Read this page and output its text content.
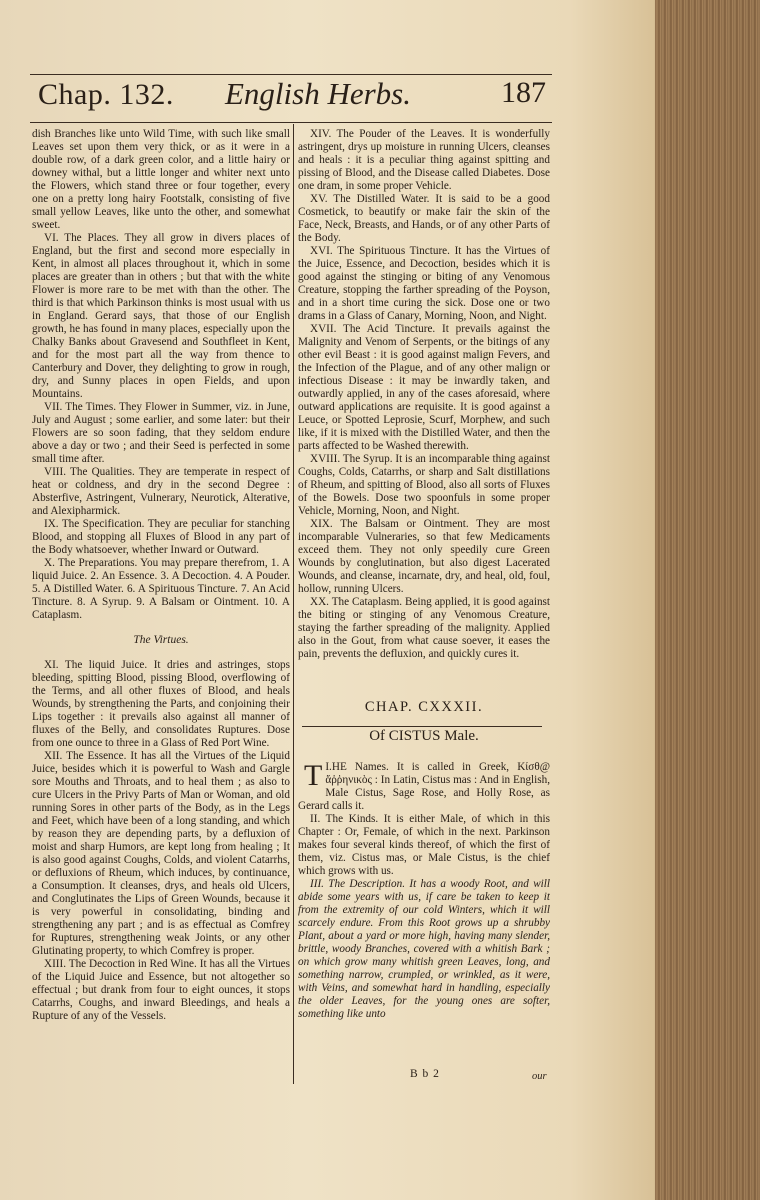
Chap. 132. English Herbs.	187

dish Branches like unto Wild Time, with such like small Leaves set upon them very thick, or as it were in a double row, of a dark green color, and a little hairy or downey withal, but a little longer and whiter next unto the Flowers, which stand three or four together, every one on a pretty long hairy Footstalk, consisting of five small yellow Leaves, like unto the other, and somewhat sweet.

VI. The Places. They all grow in divers places of England, but the first and second more especially in Kent, in almost all places throughout it, which in some places are greater than in others ; but that with the white Flower is more rare to be met with than the other. The third is that which Parkinson thinks is most usual with us in England. Gerard says, that those of our English growth, he has found in many places, especially upon the Chalky Banks about Gravesend and Southfleet in Kent, and for the most part all the way from thence to Canterbury and Dover, they delighting to grow in rough, dry, and Sunny places in open Fields, and upon Mountains.

VII. The Times. They Flower in Summer, viz. in June, July and August ; some earlier, and some later: but their Flowers are so soon fading, that they seldom endure above a day or two ; and their Seed is perfected in some small time after.

VIII. The Qualities. They are temperate in respect of heat or coldness, and dry in the second Degree : Absterfive, Astringent, Vulnerary, Neurotick, Alterative, and Alexipharmick.

IX. The Specification. They are peculiar for stanching Blood, and stopping all Fluxes of Blood in any part of the Body whatsoever, whether Inward or Outward.

X. The Preparations. You may prepare therefrom, 1. A liquid Juice. 2. An Essence. 3. A Decoction. 4. A Pouder. 5. A Distilled Water. 6. A Spirituous Tincture. 7. An Acid Tincture. 8. A Syrup. 9. A Balsam or Ointment. 10. A Cataplasm.

The Virtues.

XI. The liquid Juice. It dries and astringes, stops bleeding, spitting Blood, pissing Blood, overflowing of the Terms, and all other fluxes of Blood, and heals Wounds, by strengthening the Parts, and conjoining their Lips together : it prevails also against all manner of fluxes of the Belly, and consolidates Ruptures. Dose from one ounce to three in a Glass of Red Port Wine.

XII. The Essence. It has all the Virtues of the Liquid Juice, besides which it is powerful to Wash and Gargle sore Mouths and Throats, and to heal them ; as also to cure Ulcers in the Privy Parts of Man or Woman, and old running Sores in other parts of the Body, as in the Legs and Feet, which have been of a long standing, and which by reason they are depending parts, by a defluxion of moist and sharp Humors, are kept long from healing ; It is also good against Coughs, Colds, and violent Catarrhs, or defluxions of Rheum, which induces, by continuance, a Consumption. It cleanses, drys, and heals old Ulcers, and Conglutinates the Lips of Green Wounds, because it is very powerful in consolidating, binding and strengthening any part ; and is as effectual as Comfrey for Ruptures, strengthening weak Joints, or any other Glutinating property, to which Comfrey is proper.

XIII. The Decoction in Red Wine. It has all the Virtues of the Liquid Juice and Essence, but not altogether so effectual ; but drank from four to eight ounces, it stops Catarrhs, Coughs, and inward Bleedings, and heals a Rupture of any of the Vessels.

XIV. The Pouder of the Leaves. It is wonderfully astringent, drys up moisture in running Ulcers, cleanses and heals : it is a peculiar thing against spitting and pissing of Blood, and the Disease called Diabetes. Dose one dram, in some proper Vehicle.

XV. The Distilled Water. It is said to be a good Cosmetick, to beautify or make fair the skin of the Face, Neck, Breasts, and Hands, or of any other Parts of the Body.

XVI. The Spirituous Tincture. It has the Virtues of the Juice, Essence, and Decoction, besides which it is good against the stinging or biting of any Venomous Creature, stopping the farther spreading of the Poyson, and in a short time curing the sick. Dose one or two drams in a Glass of Canary, Morning, Noon, and Night.

XVII. The Acid Tincture. It prevails against the Malignity and Venom of Serpents, or the bitings of any other evil Beast : it is good against malign Fevers, and the Infection of the Plague, and of any other malign or infectious Disease : it may be inwardly taken, and outwardly applied, in any of the cases aforesaid, where outward applications are requisite. It is good against a Leuce, or Spotted Leprosie, Scurf, Morphew, and such like, if it is mixed with the Distilled Water, and then the parts affected to be Washed therewith.

XVIII. The Syrup. It is an incomparable thing against Coughs, Colds, Catarrhs, or sharp and Salt distillations of Rheum, and spitting of Blood, also all sorts of Fluxes of the Bowels. Dose two spoonfuls in some proper Vehicle, Morning, Noon, and Night.

XIX. The Balsam or Ointment. They are most incomparable Vulneraries, so that few Medicaments exceed them. They not only speedily cure Green Wounds by conglutination, but also digest Lacerated Wounds, and cleanse, incarnate, dry, and heal, old, foul, hollow, running Ulcers.

XX. The Cataplasm. Being applied, it is good against the biting or stinging of any Venomous Creature, staying the farther spreading of the malignity. Applied also in the Gout, from what cause soever, it eases the pain, prevents the defluxion, and quickly cures it.

CHAP. CXXXII.
Of CISTUS Male.

I.
T HE Names. It is called in Greek, Κίσθ@ ἄῤῥηνικὸς : In Latin, Cistus mas : And in English, Male Cistus, Sage Rose, and Holly Rose, as Gerard calls it.

II. The Kinds. It is either Male, of which in this Chapter : Or, Female, of which in the next. Parkinson makes four several kinds thereof, of which the first of them, viz. Cistus mas, or Male Cistus, is the chief which grows with us.

III. The Description. It has a woody Root, and will abide some years with us, if care be taken to keep it from the extremity of our cold Winters, which it will scarcely endure. From this Root grows up a shrubby Plant, about a yard or more high, having many slender, brittle, woody Branches, covered with a whitish Bark ; on which grow many whitish green Leaves, long, and something narrow, crumpled, or wrinkled, as it were, with Veins, and somewhat hard in handling, especially the older Leaves, for the young ones are softer, something like unto

B b 2	our
